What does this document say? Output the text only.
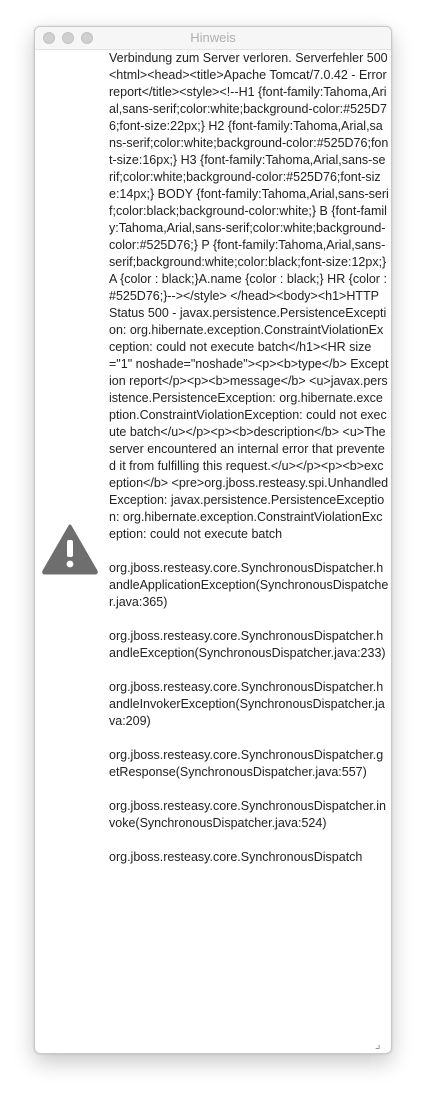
Hinweis
Verbindung zum Server verloren. Serverfehler 500 <html><head><title>Apache Tomcat/7.0.42 - Error report</title><style><!--H1 {font-family:Tahoma,Arial,sans-serif;color:white;background-color:#525D76;font-size:22px;} H2 {font-family:Tahoma,Arial,sans-serif;color:white;background-color:#525D76;font-size:16px;} H3 {font-family:Tahoma,Arial,sans-serif;color:white;background-color:#525D76;font-size:14px;} BODY {font-family:Tahoma,Arial,sans-serif;color:black;background-color:white;} B {font-family:Tahoma,Arial,sans-serif;color:white;background-color:#525D76;} P {font-family:Tahoma,Arial,sans-serif;background:white;color:black;font-size:12px;}A {color : black;}A.name {color : black;} HR {color : #525D76;}--></style> </head><body><h1>HTTP Status 500 - javax.persistence.PersistenceException: org.hibernate.exception.ConstraintViolationException: could not execute batch</h1><HR size="1" noshade="noshade"><p><b>type</b> Exception report</p><p><b>message</b> <u>javax.persistence.PersistenceException: org.hibernate.exception.ConstraintViolationException: could not execute batch</u></p><p><b>description</b> <u>The server encountered an internal error that prevented it from fulfilling this request.</u></p><p><b>exception</b> <pre>org.jboss.resteasy.spi.UnhandledException: javax.persistence.PersistenceException: org.hibernate.exception.ConstraintViolationException: could not execute batch

org.jboss.resteasy.core.SynchronousDispatcher.handleApplicationException(SynchronousDispatcher.java:365)

org.jboss.resteasy.core.SynchronousDispatcher.handleException(SynchronousDispatcher.java:233)

org.jboss.resteasy.core.SynchronousDispatcher.handleInvokerException(SynchronousDispatcher.java:209)

org.jboss.resteasy.core.SynchronousDispatcher.getResponse(SynchronousDispatcher.java:557)

org.jboss.resteasy.core.SynchronousDispatcher.invoke(SynchronousDispatcher.java:524)

org.jboss.resteasy.core.SynchronousDispatch
⌟
